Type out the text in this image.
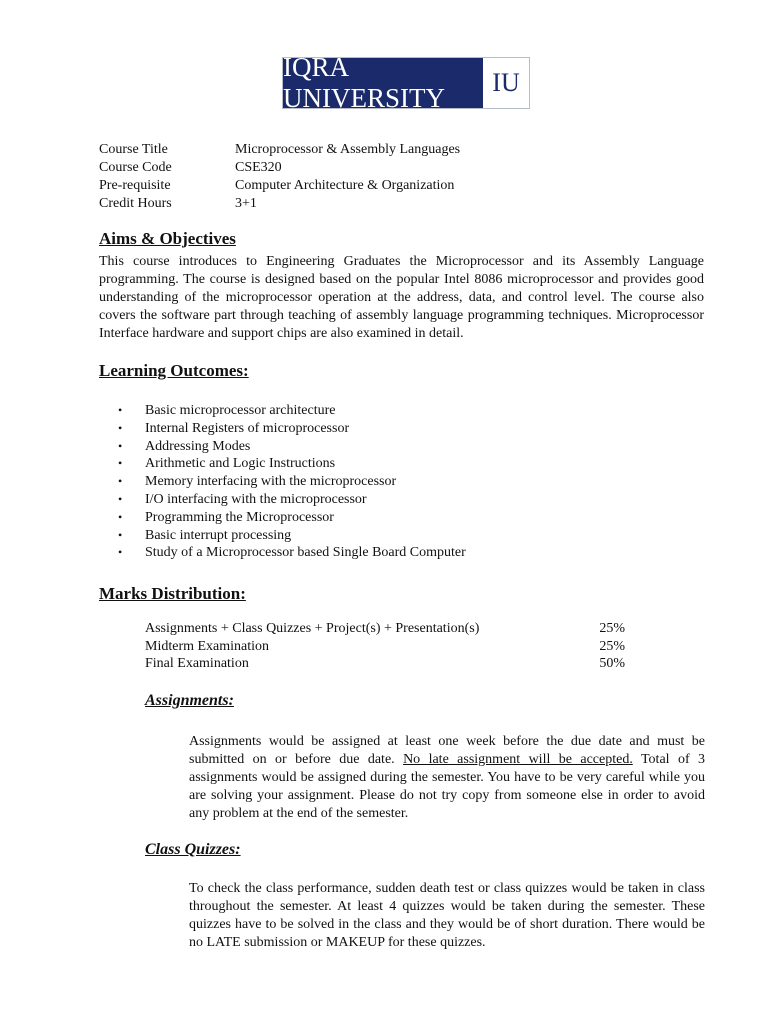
IQRA UNIVERSITY
IU
Course Title	Microprocessor & Assembly Languages
Course Code	CSE320
Pre-requisite	Computer Architecture & Organization
Credit Hours	3+1
Aims & Objectives

This course introduces to Engineering Graduates the Microprocessor and its Assembly Language programming. The course is designed based on the popular Intel 8086 microprocessor and provides good understanding of the microprocessor operation at the address, data, and control level. The course also covers the software part through teaching of assembly language programming techniques. Microprocessor Interface hardware and support chips are also examined in detail.

Learning Outcomes:
•	Basic microprocessor architecture
•	Internal Registers of microprocessor
•	Addressing Modes
•	Arithmetic and Logic Instructions
•	Memory interfacing with the microprocessor
•	I/O interfacing with the microprocessor
•	Programming the Microprocessor
•	Basic interrupt processing
•	Study of a Microprocessor based Single Board Computer
Marks Distribution:
Assignments + Class Quizzes + Project(s) + Presentation(s)	25%
Midterm Examination	25%
Final Examination	50%
Assignments:

Assignments would be assigned at least one week before the due date and must be submitted on or before due date. No late assignment will be accepted. Total of 3 assignments would be assigned during the semester. You have to be very careful while you are solving your assignment. Please do not try copy from someone else in order to avoid any problem at the end of the semester.

Class Quizzes:

To check the class performance, sudden death test or class quizzes would be taken in class throughout the semester. At least 4 quizzes would be taken during the semester. These quizzes have to be solved in the class and they would be of short duration. There would be no LATE submission or MAKEUP for these quizzes.
